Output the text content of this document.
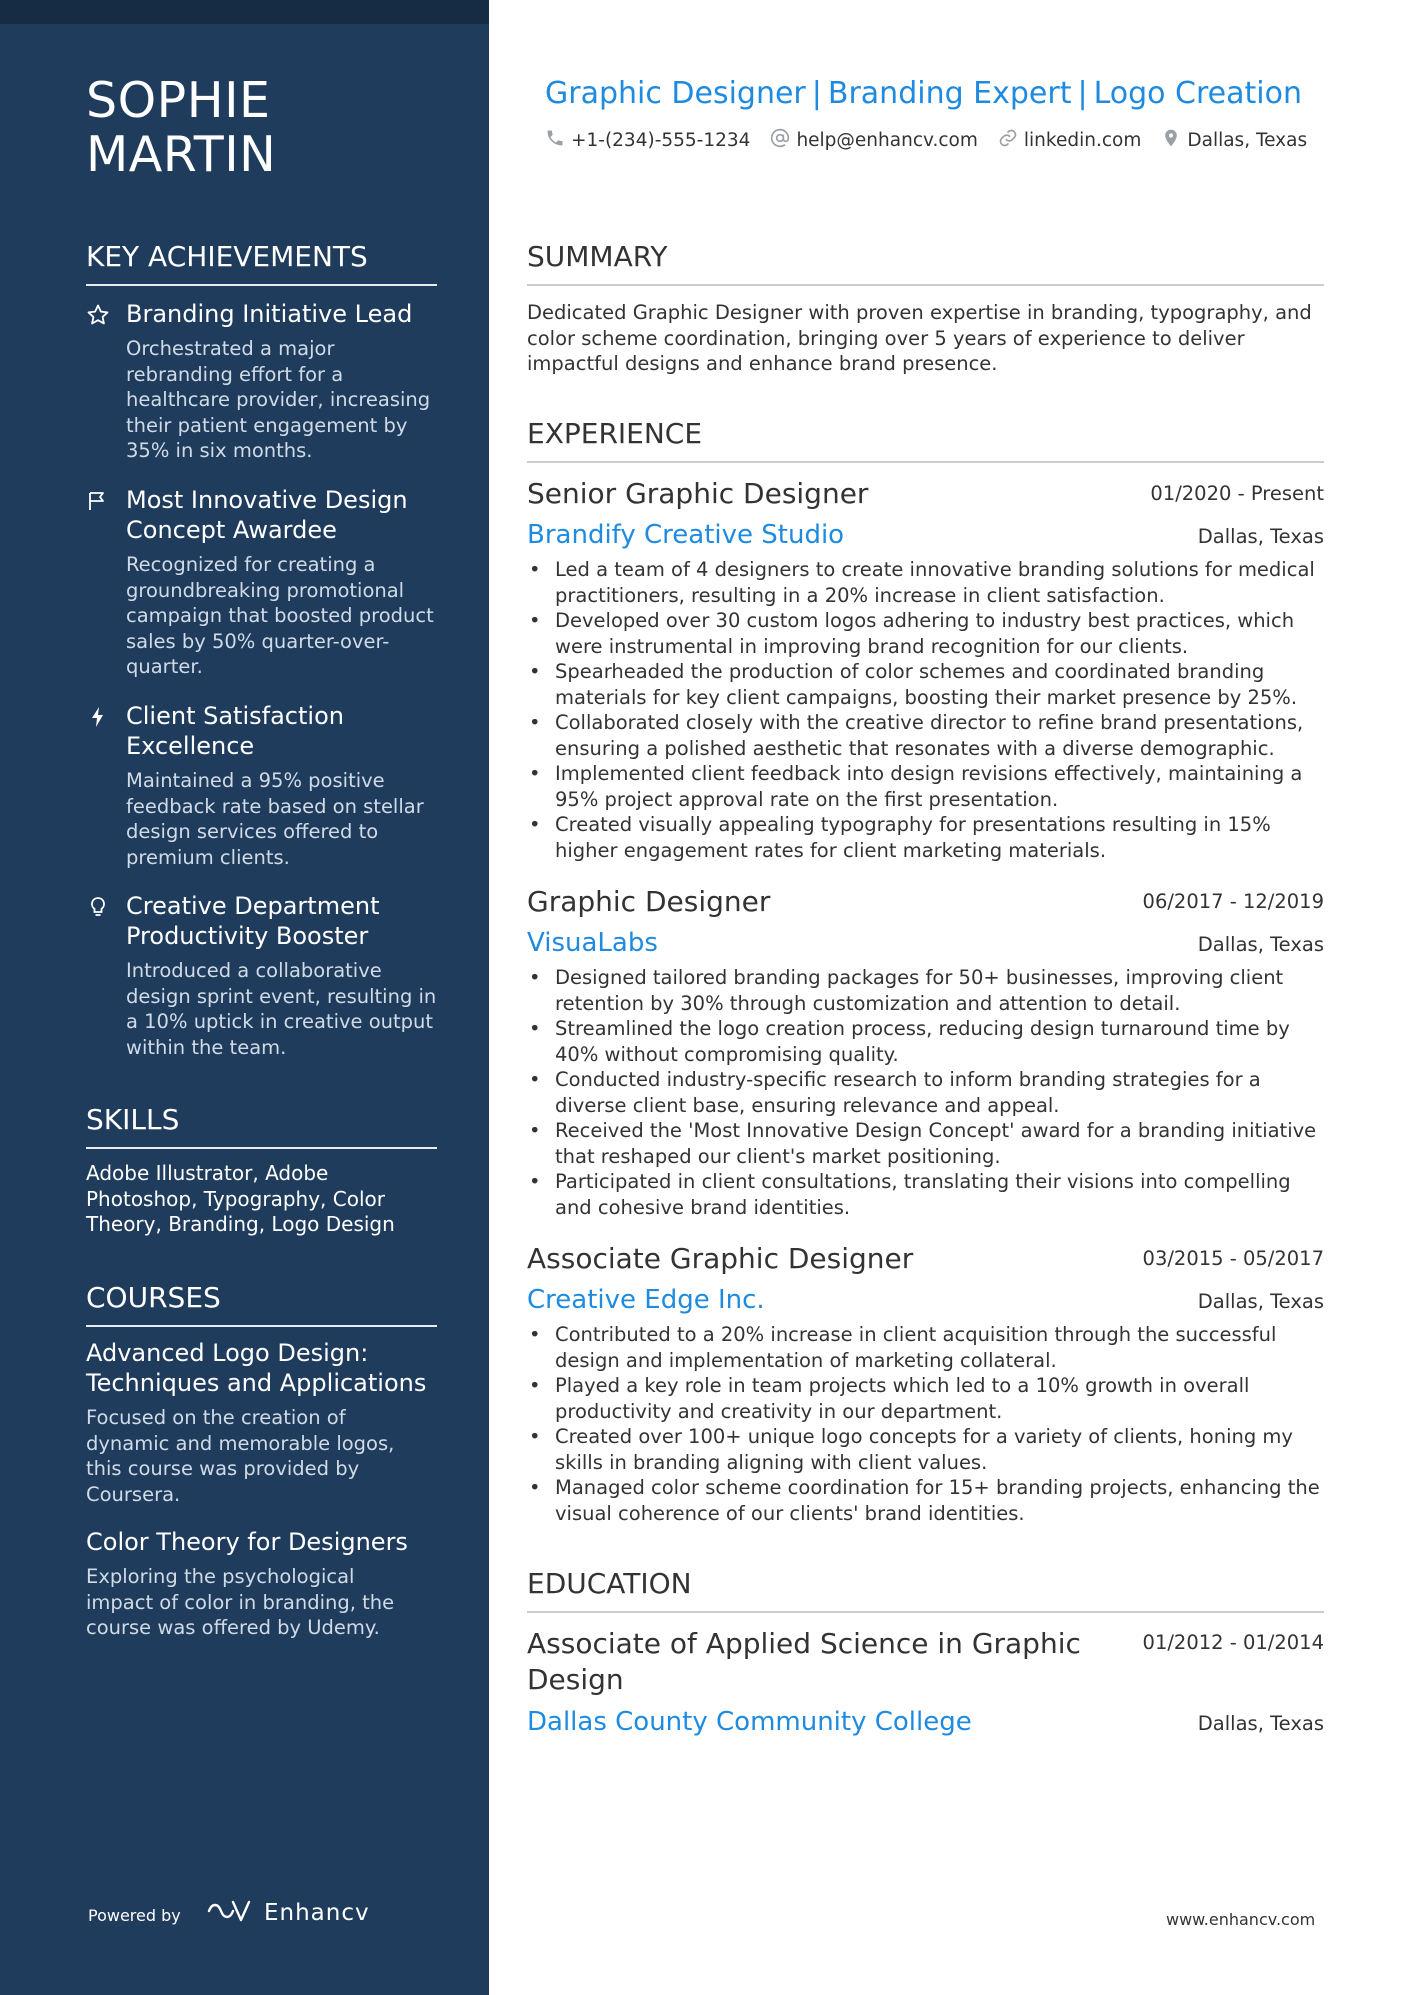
SOPHIE MARTIN
KEY ACHIEVEMENTS
Branding Initiative Lead
Orchestrated a major rebranding effort for a healthcare provider, increasing their patient engagement by 35% in six months.
Most Innovative Design Concept Awardee
Recognized for creating a groundbreaking promotional campaign that boosted product sales by 50% quarter-over-quarter.
Client Satisfaction Excellence
Maintained a 95% positive feedback rate based on stellar design services offered to premium clients.
Creative Department Productivity Booster
Introduced a collaborative design sprint event, resulting in a 10% uptick in creative output within the team.
SKILLS
Adobe Illustrator, Adobe Photoshop, Typography, Color Theory, Branding, Logo Design
COURSES
Advanced Logo Design: Techniques and Applications
Focused on the creation of dynamic and memorable logos, this course was provided by Coursera.
Color Theory for Designers
Exploring the psychological impact of color in branding, the course was offered by Udemy.
Powered by	Enhancv
Graphic Designer | Branding Expert | Logo Creation
+1-(234)-555-1234 help@enhancv.com linkedin.com Dallas, Texas
SUMMARY
Dedicated Graphic Designer with proven expertise in branding, typography, and color scheme coordination, bringing over 5 years of experience to deliver impactful designs and enhance brand presence.
EXPERIENCE
Senior Graphic Designer	01/2020 - Present
Brandify Creative Studio	Dallas, Texas
• Led a team of 4 designers to create innovative branding solutions for medical practitioners, resulting in a 20% increase in client satisfaction.
• Developed over 30 custom logos adhering to industry best practices, which were instrumental in improving brand recognition for our clients.
• Spearheaded the production of color schemes and coordinated branding materials for key client campaigns, boosting their market presence by 25%.
• Collaborated closely with the creative director to refine brand presentations, ensuring a polished aesthetic that resonates with a diverse demographic.
• Implemented client feedback into design revisions effectively, maintaining a 95% project approval rate on the first presentation.
• Created visually appealing typography for presentations resulting in 15% higher engagement rates for client marketing materials.
Graphic Designer	06/2017 - 12/2019
VisuaLabs	Dallas, Texas
• Designed tailored branding packages for 50+ businesses, improving client retention by 30% through customization and attention to detail.
• Streamlined the logo creation process, reducing design turnaround time by 40% without compromising quality.
• Conducted industry-specific research to inform branding strategies for a diverse client base, ensuring relevance and appeal.
• Received the 'Most Innovative Design Concept' award for a branding initiative that reshaped our client's market positioning.
• Participated in client consultations, translating their visions into compelling and cohesive brand identities.
Associate Graphic Designer	03/2015 - 05/2017
Creative Edge Inc.	Dallas, Texas
• Contributed to a 20% increase in client acquisition through the successful design and implementation of marketing collateral.
• Played a key role in team projects which led to a 10% growth in overall productivity and creativity in our department.
• Created over 100+ unique logo concepts for a variety of clients, honing my skills in branding aligning with client values.
• Managed color scheme coordination for 15+ branding projects, enhancing the visual coherence of our clients' brand identities.
EDUCATION
Associate of Applied Science in Graphic Design
01/2012 - 01/2014
Dallas County Community College	Dallas, Texas
www.enhancv.com
